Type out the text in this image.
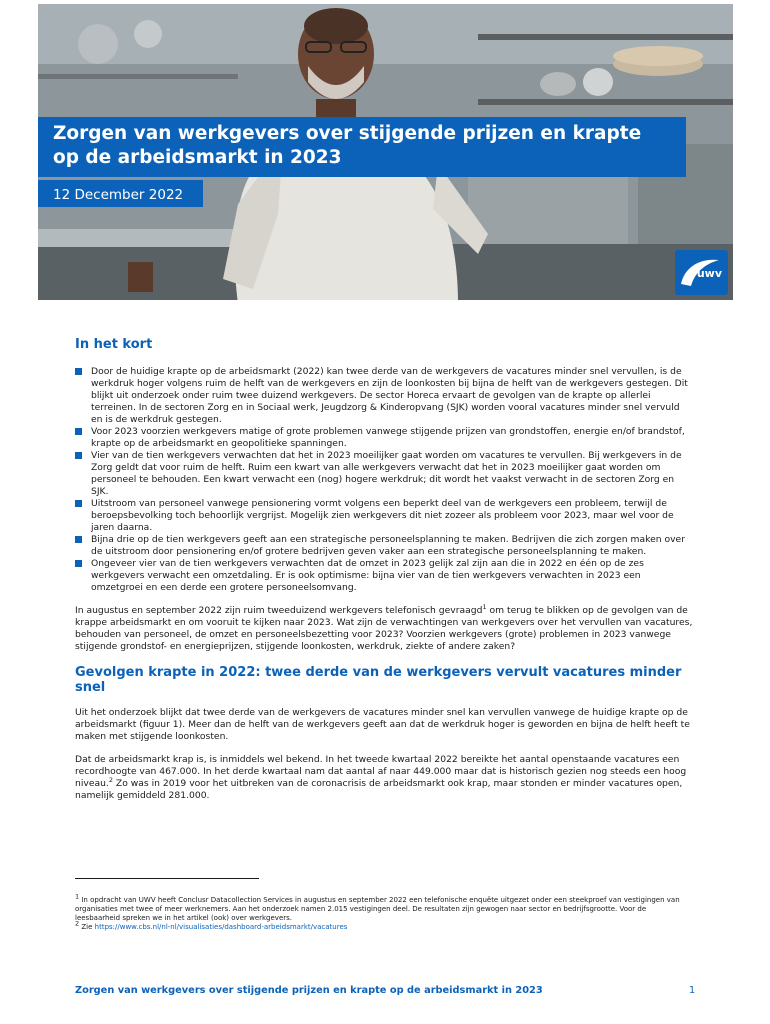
Zorgen van werkgevers over stijgende prijzen en krapte op de arbeidsmarkt in 2023
12 December 2022
uwv
In het kort
Door de huidige krapte op de arbeidsmarkt (2022) kan twee derde van de werkgevers de vacatures minder snel vervullen, is de werkdruk hoger volgens ruim de helft van de werkgevers en zijn de loonkosten bij bijna de helft van de werkgevers gestegen. Dit blijkt uit onderzoek onder ruim twee duizend werkgevers. De sector Horeca ervaart de gevolgen van de krapte op allerlei terreinen. In de sectoren Zorg en in Sociaal werk, Jeugdzorg & Kinderopvang (SJK) worden vooral vacatures minder snel vervuld en is de werkdruk gestegen.
Voor 2023 voorzien werkgevers matige of grote problemen vanwege stijgende prijzen van grondstoffen, energie en/of brandstof, krapte op de arbeidsmarkt en geopolitieke spanningen.
Vier van de tien werkgevers verwachten dat het in 2023 moeilijker gaat worden om vacatures te vervullen. Bij werkgevers in de Zorg geldt dat voor ruim de helft. Ruim een kwart van alle werkgevers verwacht dat het in 2023 moeilijker gaat worden om personeel te behouden. Een kwart verwacht een (nog) hogere werkdruk; dit wordt het vaakst verwacht in de sectoren Zorg en SJK.
Uitstroom van personeel vanwege pensionering vormt volgens een beperkt deel van de werkgevers een probleem, terwijl de beroepsbevolking toch behoorlijk vergrijst. Mogelijk zien werkgevers dit niet zozeer als probleem voor 2023, maar wel voor de jaren daarna.
Bijna drie op de tien werkgevers geeft aan een strategische personeelsplanning te maken. Bedrijven die zich zorgen maken over de uitstroom door pensionering en/of grotere bedrijven geven vaker aan een strategische personeelsplanning te maken.
Ongeveer vier van de tien werkgevers verwachten dat de omzet in 2023 gelijk zal zijn aan die in 2022 en één op de zes werkgevers verwacht een omzetdaling. Er is ook optimisme: bijna vier van de tien werkgevers verwachten in 2023 een omzetgroei en een derde een grotere personeelsomvang.

In augustus en september 2022 zijn ruim tweeduizend werkgevers telefonisch gevraagd$^1$ om terug te blikken op de gevolgen van de krappe arbeidsmarkt en om vooruit te kijken naar 2023. Wat zijn de verwachtingen van werkgevers over het vervullen van vacatures, behouden van personeel, de omzet en personeelsbezetting voor 2023? Voorzien werkgevers (grote) problemen in 2023 vanwege stijgende grondstof- en energieprijzen, stijgende loonkosten, werkdruk, ziekte of andere zaken?

Gevolgen krapte in 2022: twee derde van de werkgevers vervult vacatures minder snel

Uit het onderzoek blijkt dat twee derde van de werkgevers de vacatures minder snel kan vervullen vanwege de huidige krapte op de arbeidsmarkt (figuur 1). Meer dan de helft van de werkgevers geeft aan dat de werkdruk hoger is geworden en bijna de helft heeft te maken met stijgende loonkosten.

Dat de arbeidsmarkt krap is, is inmiddels wel bekend. In het tweede kwartaal 2022 bereikte het aantal openstaande vacatures een recordhoogte van 467.000. In het derde kwartaal nam dat aantal af naar 449.000 maar dat is historisch gezien nog steeds een hoog niveau.$^2$ Zo was in 2019 voor het uitbreken van de coronacrisis de arbeidsmarkt ook krap, maar stonden er minder vacatures open, namelijk gemiddeld 281.000.

$^1$ In opdracht van UWV heeft Conclusr Datacollection Services in augustus en september 2022 een telefonische enquête uitgezet onder een steekproef van vestigingen van organisaties met twee of meer werknemers. Aan het onderzoek namen 2.015 vestigingen deel. De resultaten zijn gewogen naar sector en bedrijfsgrootte. Voor de leesbaarheid spreken we in het artikel (ook) over werkgevers.
$^2$ Zie https://www.cbs.nl/nl-nl/visualisaties/dashboard-arbeidsmarkt/vacatures
Zorgen van werkgevers over stijgende prijzen en krapte op de arbeidsmarkt in 2023	1
